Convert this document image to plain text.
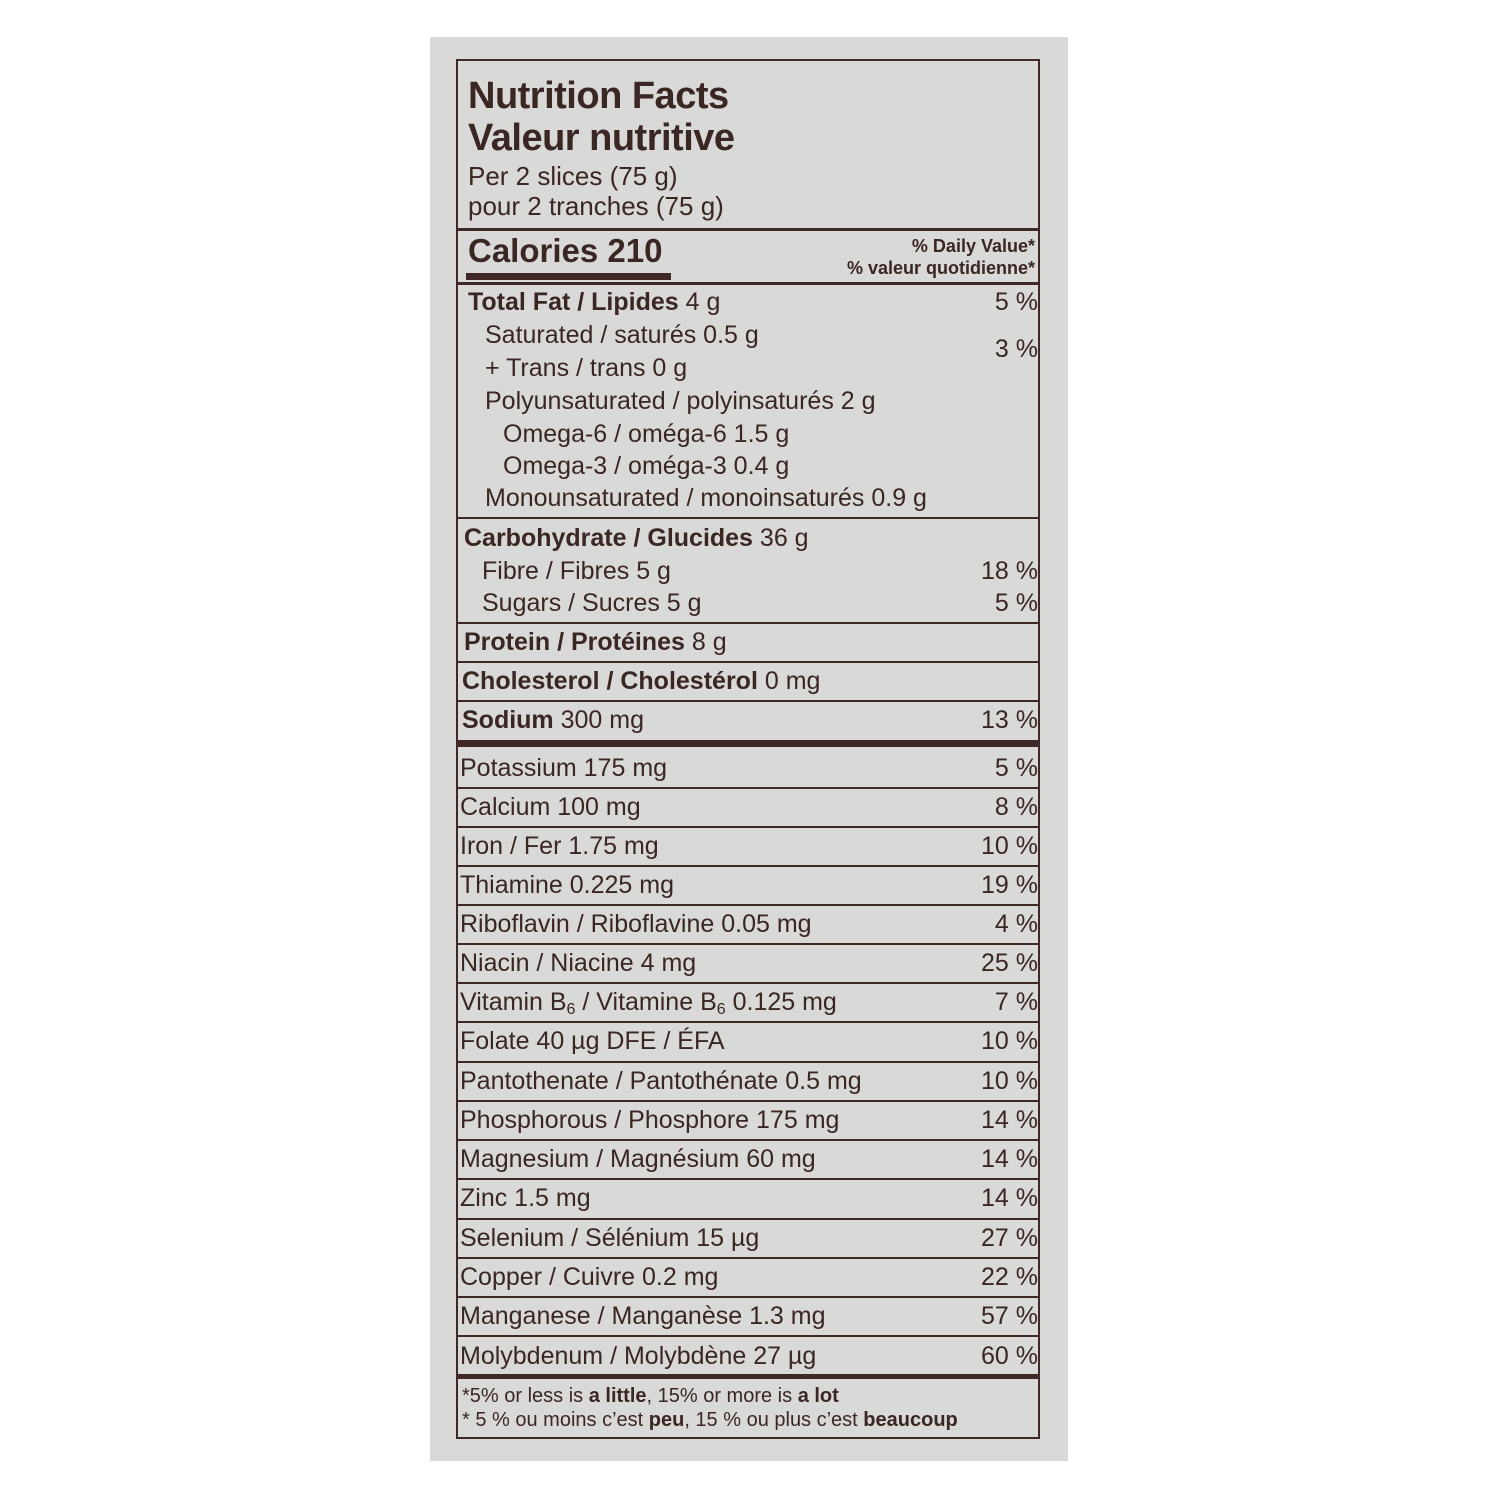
Nutrition Facts
Valeur nutritive
Per 2 slices (75 g)
pour 2 tranches (75 g)
Calories 210	% Daily Value*
% valeur quotidienne*
Total Fat / Lipides 4 g	5 %
Saturated / saturés 0.5 g	3 %
+ Trans / trans 0 g
Polyunsaturated / polyinsaturés 2 g
Omega-6 / oméga-6 1.5 g
Omega-3 / oméga-3 0.4 g
Monounsaturated / monoinsaturés 0.9 g
Carbohydrate / Glucides 36 g
Fibre / Fibres 5 g	18 %
Sugars / Sucres 5 g	5 %
Protein / Protéines 8 g
Cholesterol / Cholestérol 0 mg
Sodium 300 mg	13 %
Potassium 175 mg	5 %
Calcium 100 mg	8 %
Iron / Fer 1.75 mg	10 %
Thiamine 0.225 mg	19 %
Riboflavin / Riboflavine 0.05 mg	4 %
Niacin / Niacine 4 mg	25 %
Vitamin $B_6$ / Vitamine $B_6$ 0.125 mg	7 %
Folate 40 µg DFE / ÉFA	10 %
Pantothenate / Pantothénate 0.5 mg	10 %
Phosphorous / Phosphore 175 mg	14 %
Magnesium / Magnésium 60 mg	14 %
Zinc 1.5 mg	14 %
Selenium / Sélénium 15 µg	27 %
Copper / Cuivre 0.2 mg	22 %
Manganese / Manganèse 1.3 mg	57 %
Molybdenum / Molybdène 27 µg	60 %
*5% or less is a little, 15% or more is a lot
* 5 % ou moins c’est peu, 15 % ou plus c’est beaucoup
